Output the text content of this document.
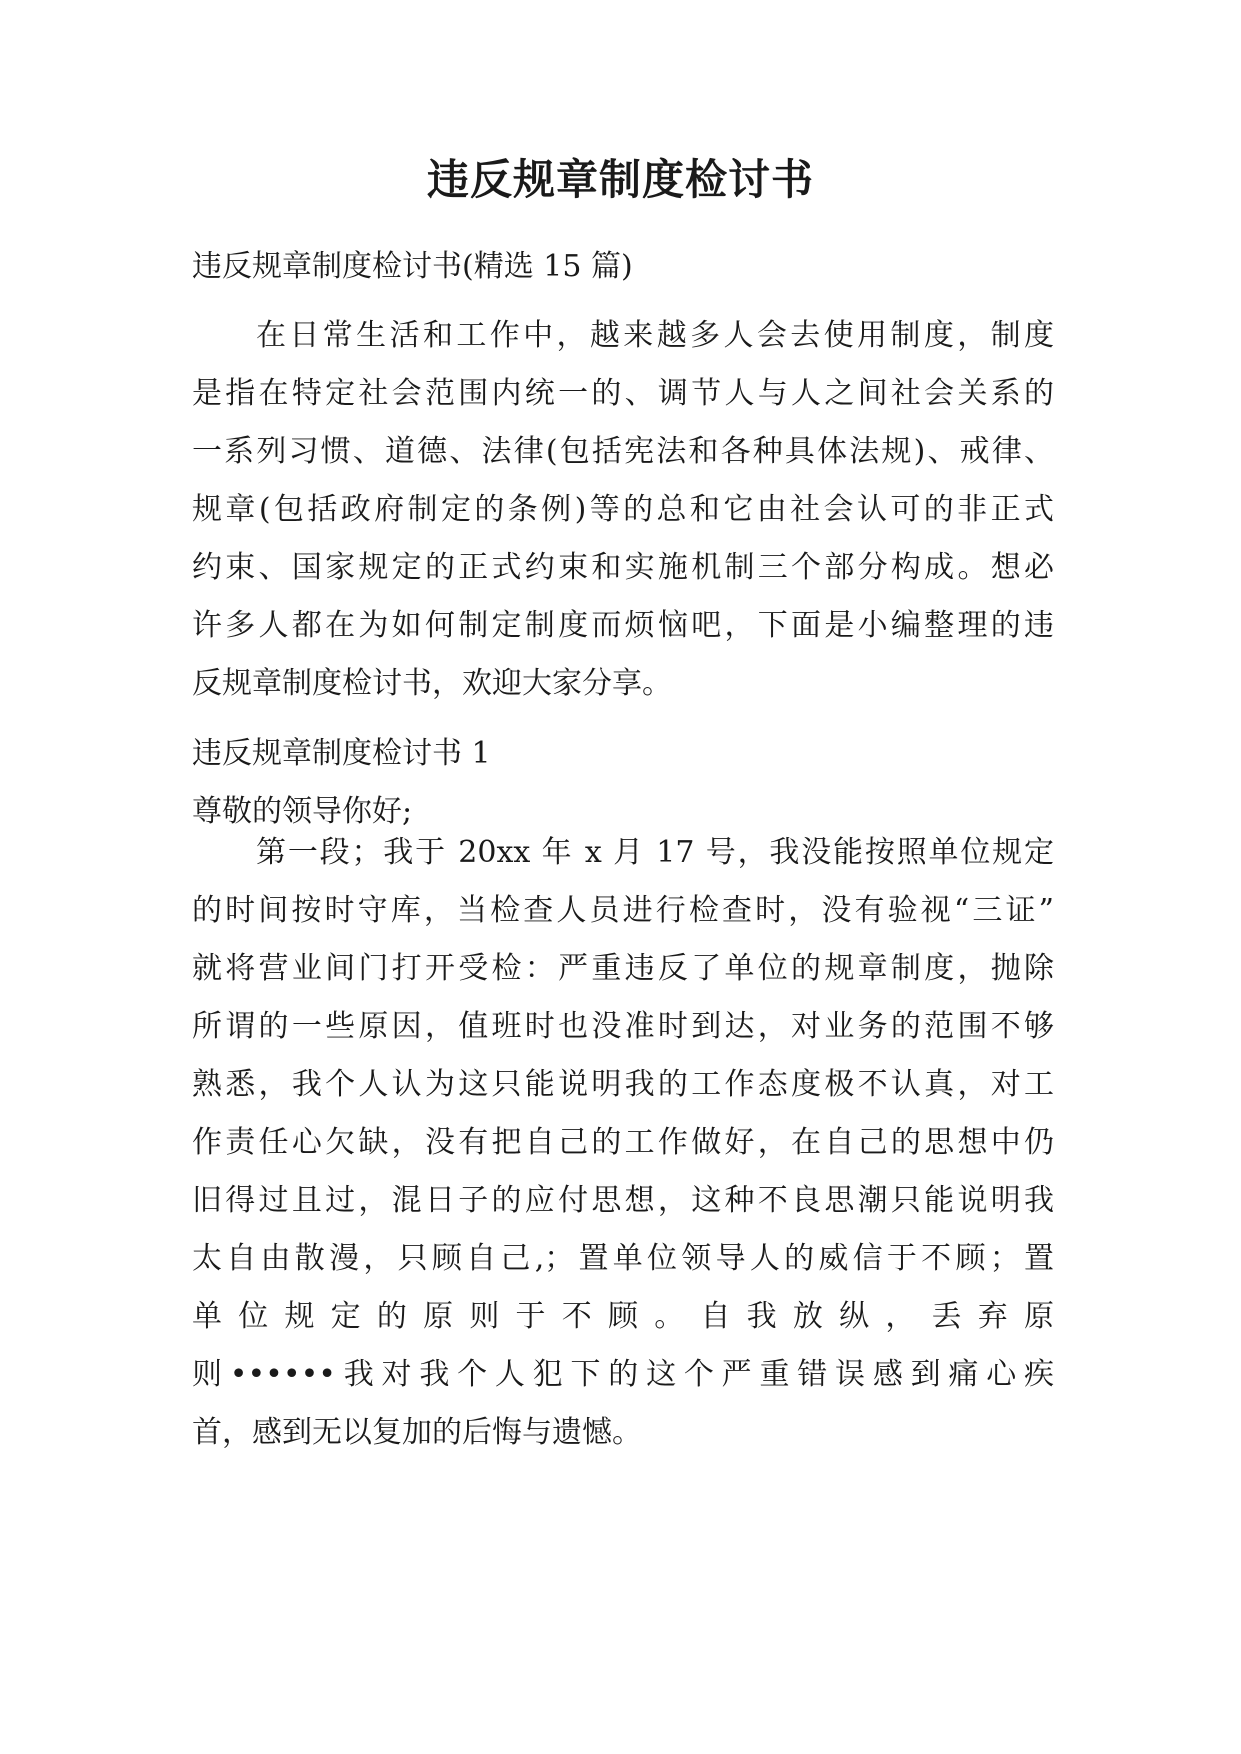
违反规章制度检讨书
违反规章制度检讨书(精选 15 篇)
在日常生活和工作中，越来越多人会去使用制度，制度
是指在特定社会范围内统一的、调节人与人之间社会关系的
一系列习惯、道德、法律(包括宪法和各种具体法规)、戒律、
规章(包括政府制定的条例)等的总和它由社会认可的非正式
约束、国家规定的正式约束和实施机制三个部分构成。想必
许多人都在为如何制定制度而烦恼吧，下面是小编整理的违
反规章制度检讨书，欢迎大家分享。
违反规章制度检讨书 1
尊敬的领导你好;
第一段；我于 20xx 年 x 月 17 号，我没能按照单位规定
的时间按时守库，当检查人员进行检查时，没有验视“三证”
就将营业间门打开受检：严重违反了单位的规章制度，抛除
所谓的一些原因，值班时也没准时到达，对业务的范围不够
熟悉，我个人认为这只能说明我的工作态度极不认真，对工
作责任心欠缺，没有把自己的工作做好，在自己的思想中仍
旧得过且过，混日子的应付思想，这种不良思潮只能说明我
太自由散漫，只顾自己,；置单位领导人的威信于不顾；置
单位规定的原则于不顾。自我放纵，丢弃原
则••••••我对我个人犯下的这个严重错误感到痛心疾
首，感到无以复加的后悔与遗憾。
